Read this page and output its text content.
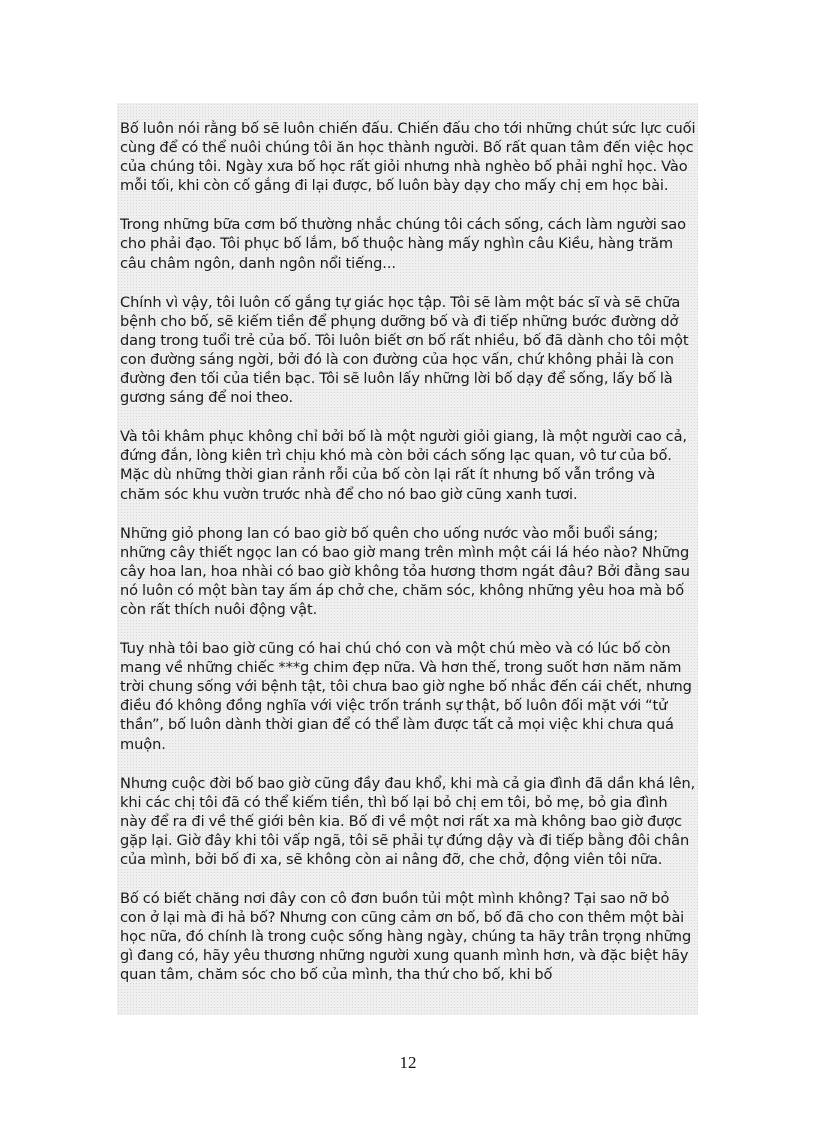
Bố luôn nói rằng bố sẽ luôn chiến đấu. Chiến đấu cho tới những chút sức lực cuối cùng để có thể nuôi chúng tôi ăn học thành người. Bố rất quan tâm đến việc học của chúng tôi. Ngày xưa bố học rất giỏi nhưng nhà nghèo bố phải nghỉ học. Vào mỗi tối, khi còn cố gắng đi lại được, bố luôn bày dạy cho mấy chị em học bài.

Trong những bữa cơm bố thường nhắc chúng tôi cách sống, cách làm người sao cho phải đạo. Tôi phục bố lắm, bố thuộc hàng mấy nghìn câu Kiều, hàng trăm câu châm ngôn, danh ngôn nổi tiếng...

Chính vì vậy, tôi luôn cố gắng tự giác học tập. Tôi sẽ làm một bác sĩ và sẽ chữa bệnh cho bố, sẽ kiếm tiền để phụng dưỡng bố và đi tiếp những bước đường dở dang trong tuổi trẻ của bố. Tôi luôn biết ơn bố rất nhiều, bố đã dành cho tôi một con đường sáng ngời, bởi đó là con đường của học vấn, chứ không phải là con đường đen tối của tiền bạc. Tôi sẽ luôn lấy những lời bố dạy để sống, lấy bố là gương sáng để noi theo.

Và tôi khâm phục không chỉ bởi bố là một người giỏi giang, là một người cao cả, đứng đắn, lòng kiên trì chịu khó mà còn bởi cách sống lạc quan, vô tư của bố. Mặc dù những thời gian rảnh rỗi của bố còn lại rất ít nhưng bố vẫn trồng và chăm sóc khu vườn trước nhà để cho nó bao giờ cũng xanh tươi.

Những giỏ phong lan có bao giờ bố quên cho uống nước vào mỗi buổi sáng; những cây thiết ngọc lan có bao giờ mang trên mình một cái lá héo nào? Những cây hoa lan, hoa nhài có bao giờ không tỏa hương thơm ngát đâu? Bởi đằng sau nó luôn có một bàn tay ấm áp chở che, chăm sóc, không những yêu hoa mà bố còn rất thích nuôi động vật.

Tuy nhà tôi bao giờ cũng có hai chú chó con và một chú mèo và có lúc bố còn mang về những chiếc ***g chim đẹp nữa. Và hơn thế, trong suốt hơn năm năm trời chung sống với bệnh tật, tôi chưa bao giờ nghe bố nhắc đến cái chết, nhưng điều đó không đồng nghĩa với việc trốn tránh sự thật, bố luôn đối mặt với “tử thần”, bố luôn dành thời gian để có thể làm được tất cả mọi việc khi chưa quá muộn.

Nhưng cuộc đời bố bao giờ cũng đầy đau khổ, khi mà cả gia đình đã dần khá lên, khi các chị tôi đã có thể kiếm tiền, thì bố lại bỏ chị em tôi, bỏ mẹ, bỏ gia đình này để ra đi về thế giới bên kia. Bố đi về một nơi rất xa mà không bao giờ được gặp lại. Giờ đây khi tôi vấp ngã, tôi sẽ phải tự đứng dậy và đi tiếp bằng đôi chân của mình, bởi bố đi xa, sẽ không còn ai nâng đỡ, che chở, động viên tôi nữa.

Bố có biết chăng nơi đây con cô đơn buồn tủi một mình không? Tại sao nỡ bỏ con ở lại mà đi hả bố? Nhưng con cũng cảm ơn bố, bố đã cho con thêm một bài học nữa, đó chính là trong cuộc sống hàng ngày, chúng ta hãy trân trọng những gì đang có, hãy yêu thương những người xung quanh mình hơn, và đặc biệt hãy quan tâm, chăm sóc cho bố của mình, tha thứ cho bố, khi bố

12
